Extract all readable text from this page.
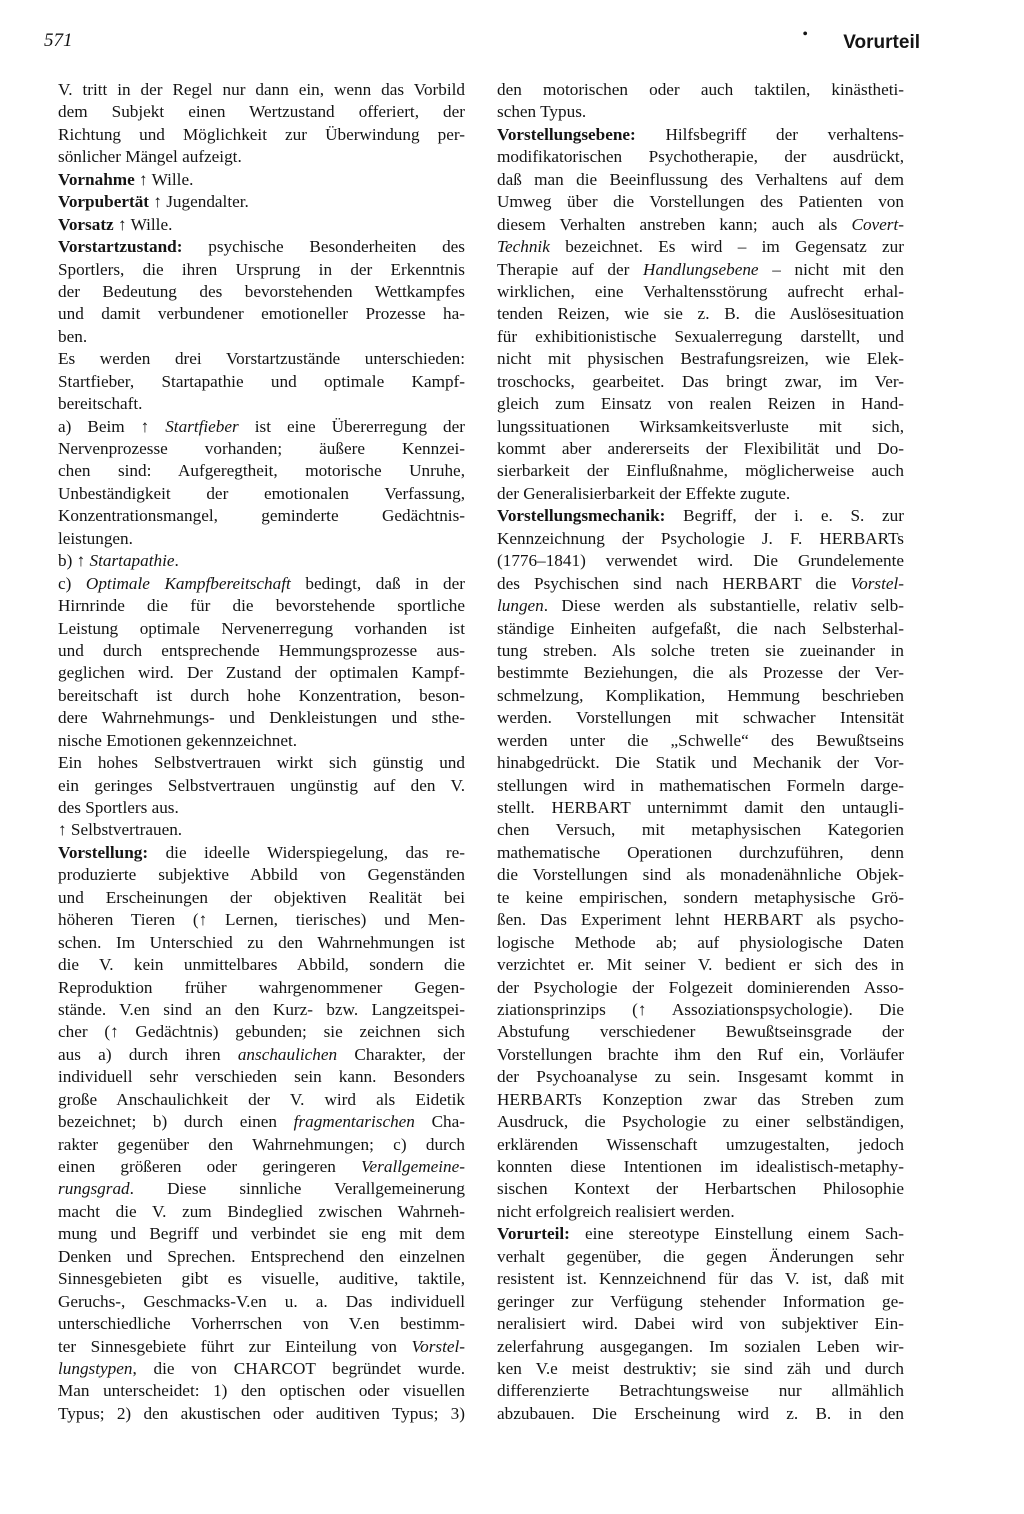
571	• Vorurteil
V. tritt in der Regel nur dann ein, wenn das Vorbild
dem Subjekt einen Wertzustand offeriert, der
Richtung und Möglichkeit zur Überwindung per-
sönlicher Mängel aufzeigt.
Vornahme ↑ Wille.
Vorpubertät ↑ Jugendalter.
Vorsatz ↑ Wille.
Vorstartzustand: psychische Besonderheiten des
Sportlers, die ihren Ursprung in der Erkenntnis
der Bedeutung des bevorstehenden Wettkampfes
und damit verbundener emotioneller Prozesse ha-
ben.
Es werden drei Vorstartzustände unterschieden:
Startfieber, Startapathie und optimale Kampf-
bereitschaft.
a) Beim ↑ Startfieber ist eine Übererregung der
Nervenprozesse vorhanden; äußere Kennzei-
chen sind: Aufgeregtheit, motorische Unruhe,
Unbeständigkeit der emotionalen Verfassung,
Konzentrationsmangel, geminderte Gedächtnis-
leistungen.
b) ↑ Startapathie.
c) Optimale Kampfbereitschaft bedingt, daß in der
Hirnrinde die für die bevorstehende sportliche
Leistung optimale Nervenerregung vorhanden ist
und durch entsprechende Hemmungsprozesse aus-
geglichen wird. Der Zustand der optimalen Kampf-
bereitschaft ist durch hohe Konzentration, beson-
dere Wahrnehmungs- und Denkleistungen und sthe-
nische Emotionen gekennzeichnet.
Ein hohes Selbstvertrauen wirkt sich günstig und
ein geringes Selbstvertrauen ungünstig auf den V.
des Sportlers aus.
↑ Selbstvertrauen.
Vorstellung: die ideelle Widerspiegelung, das re-
produzierte subjektive Abbild von Gegenständen
und Erscheinungen der objektiven Realität bei
höheren Tieren (↑ Lernen, tierisches) und Men-
schen. Im Unterschied zu den Wahrnehmungen ist
die V. kein unmittelbares Abbild, sondern die
Reproduktion früher wahrgenommener Gegen-
stände. V.en sind an den Kurz- bzw. Langzeitspei-
cher (↑ Gedächtnis) gebunden; sie zeichnen sich
aus a) durch ihren anschaulichen Charakter, der
individuell sehr verschieden sein kann. Besonders
große Anschaulichkeit der V. wird als Eidetik
bezeichnet; b) durch einen fragmentarischen Cha-
rakter gegenüber den Wahrnehmungen; c) durch
einen größeren oder geringeren Verallgemeine-
rungsgrad. Diese sinnliche Verallgemeinerung
macht die V. zum Bindeglied zwischen Wahrneh-
mung und Begriff und verbindet sie eng mit dem
Denken und Sprechen. Entsprechend den einzelnen
Sinnesgebieten gibt es visuelle, auditive, taktile,
Geruchs-, Geschmacks-V.en u. a. Das individuell
unterschiedliche Vorherrschen von V.en bestimm-
ter Sinnesgebiete führt zur Einteilung von Vorstel-
lungstypen, die von CHARCOT begründet wurde.
Man unterscheidet: 1) den optischen oder visuellen
Typus; 2) den akustischen oder auditiven Typus; 3)
den motorischen oder auch taktilen, kinästheti-
schen Typus.
Vorstellungsebene: Hilfsbegriff der verhaltens-
modifikatorischen Psychotherapie, der ausdrückt,
daß man die Beeinflussung des Verhaltens auf dem
Umweg über die Vorstellungen des Patienten von
diesem Verhalten anstreben kann; auch als Covert-
Technik bezeichnet. Es wird – im Gegensatz zur
Therapie auf der Handlungsebene – nicht mit den
wirklichen, eine Verhaltensstörung aufrecht erhal-
tenden Reizen, wie sie z. B. die Auslösesituation
für exhibitionistische Sexualerregung darstellt, und
nicht mit physischen Bestrafungsreizen, wie Elek-
troschocks, gearbeitet. Das bringt zwar, im Ver-
gleich zum Einsatz von realen Reizen in Hand-
lungssituationen Wirksamkeitsverluste mit sich,
kommt aber andererseits der Flexibilität und Do-
sierbarkeit der Einflußnahme, möglicherweise auch
der Generalisierbarkeit der Effekte zugute.
Vorstellungsmechanik: Begriff, der i. e. S. zur
Kennzeichnung der Psychologie J. F. HERBARTs
(1776–1841) verwendet wird. Die Grundelemente
des Psychischen sind nach HERBART die Vorstel-
lungen. Diese werden als substantielle, relativ selb-
ständige Einheiten aufgefaßt, die nach Selbsterhal-
tung streben. Als solche treten sie zueinander in
bestimmte Beziehungen, die als Prozesse der Ver-
schmelzung, Komplikation, Hemmung beschrieben
werden. Vorstellungen mit schwacher Intensität
werden unter die „Schwelle“ des Bewußtseins
hinabgedrückt. Die Statik und Mechanik der Vor-
stellungen wird in mathematischen Formeln darge-
stellt. HERBART unternimmt damit den untaugli-
chen Versuch, mit metaphysischen Kategorien
mathematische Operationen durchzuführen, denn
die Vorstellungen sind als monadenähnliche Objek-
te keine empirischen, sondern metaphysische Grö-
ßen. Das Experiment lehnt HERBART als psycho-
logische Methode ab; auf physiologische Daten
verzichtet er. Mit seiner V. bedient er sich des in
der Psychologie der Folgezeit dominierenden Asso-
ziationsprinzips (↑ Assoziationspsychologie). Die
Abstufung verschiedener Bewußtseinsgrade der
Vorstellungen brachte ihm den Ruf ein, Vorläufer
der Psychoanalyse zu sein. Insgesamt kommt in
HERBARTs Konzeption zwar das Streben zum
Ausdruck, die Psychologie zu einer selbständigen,
erklärenden Wissenschaft umzugestalten, jedoch
konnten diese Intentionen im idealistisch-metaphy-
sischen Kontext der Herbartschen Philosophie
nicht erfolgreich realisiert werden.
Vorurteil: eine stereotype Einstellung einem Sach-
verhalt gegenüber, die gegen Änderungen sehr
resistent ist. Kennzeichnend für das V. ist, daß mit
geringer zur Verfügung stehender Information ge-
neralisiert wird. Dabei wird von subjektiver Ein-
zelerfahrung ausgegangen. Im sozialen Leben wir-
ken V.e meist destruktiv; sie sind zäh und durch
differenzierte Betrachtungsweise nur allmählich
abzubauen. Die Erscheinung wird z. B. in den
